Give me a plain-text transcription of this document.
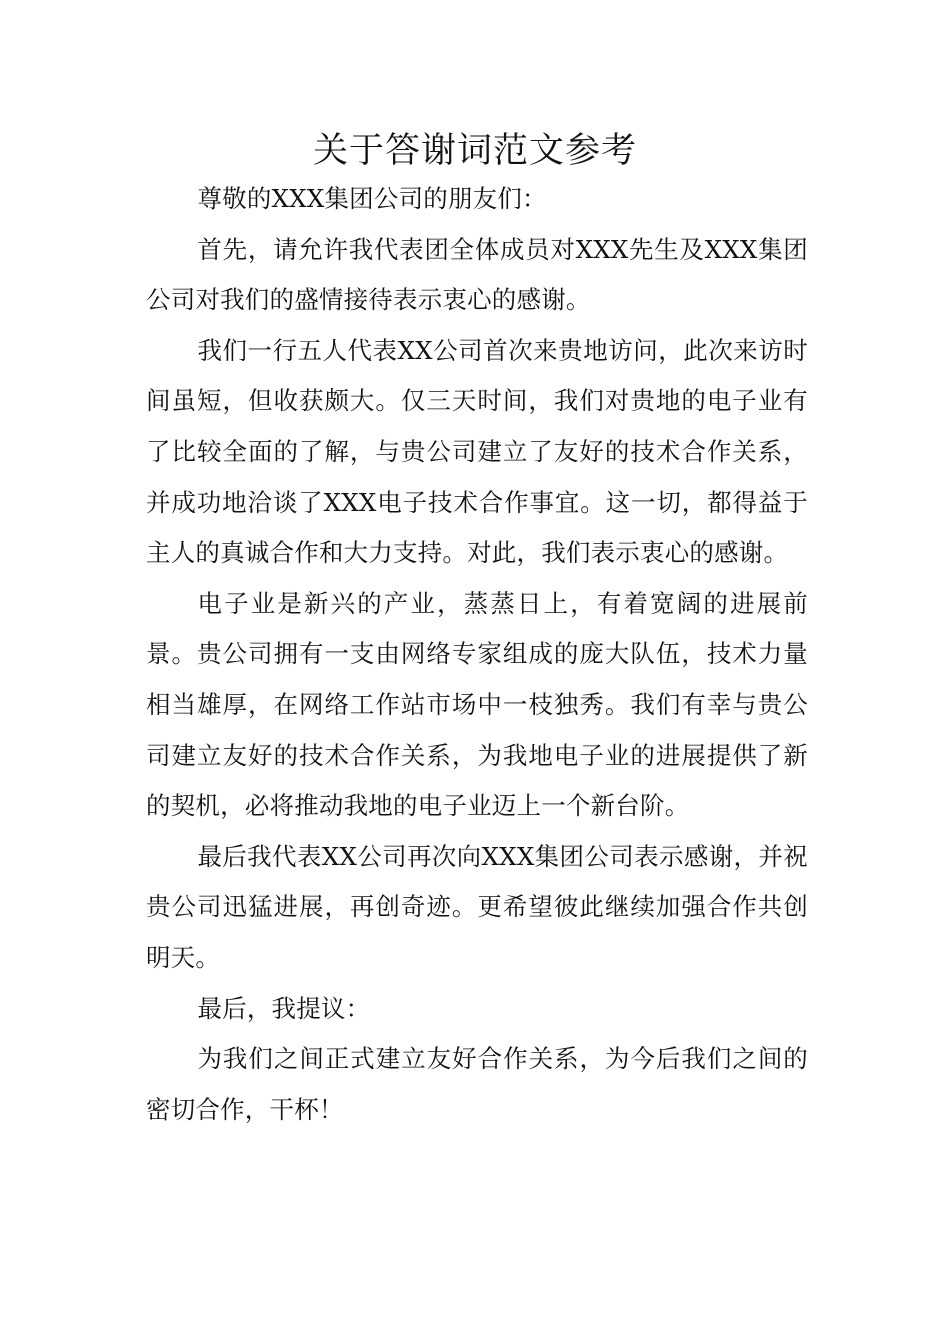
关于答谢词范文参考

尊敬的XXX集团公司的朋友们：

首先，请允许我代表团全体成员对XXX先生及XXX集团公司对我们的盛情接待表示衷心的感谢。

我们一行五人代表XX公司首次来贵地访问，此次来访时间虽短，但收获颇大。仅三天时间，我们对贵地的电子业有了比较全面的了解，与贵公司建立了友好的技术合作关系，并成功地洽谈了XXX电子技术合作事宜。这一切，都得益于主人的真诚合作和大力支持。对此，我们表示衷心的感谢。

电子业是新兴的产业，蒸蒸日上，有着宽阔的进展前景。贵公司拥有一支由网络专家组成的庞大队伍，技术力量相当雄厚，在网络工作站市场中一枝独秀。我们有幸与贵公司建立友好的技术合作关系，为我地电子业的进展提供了新的契机，必将推动我地的电子业迈上一个新台阶。

最后我代表XX公司再次向XXX集团公司表示感谢，并祝贵公司迅猛进展，再创奇迹。更希望彼此继续加强合作共创明天。

最后，我提议：

为我们之间正式建立友好合作关系，为今后我们之间的密切合作，干杯！
